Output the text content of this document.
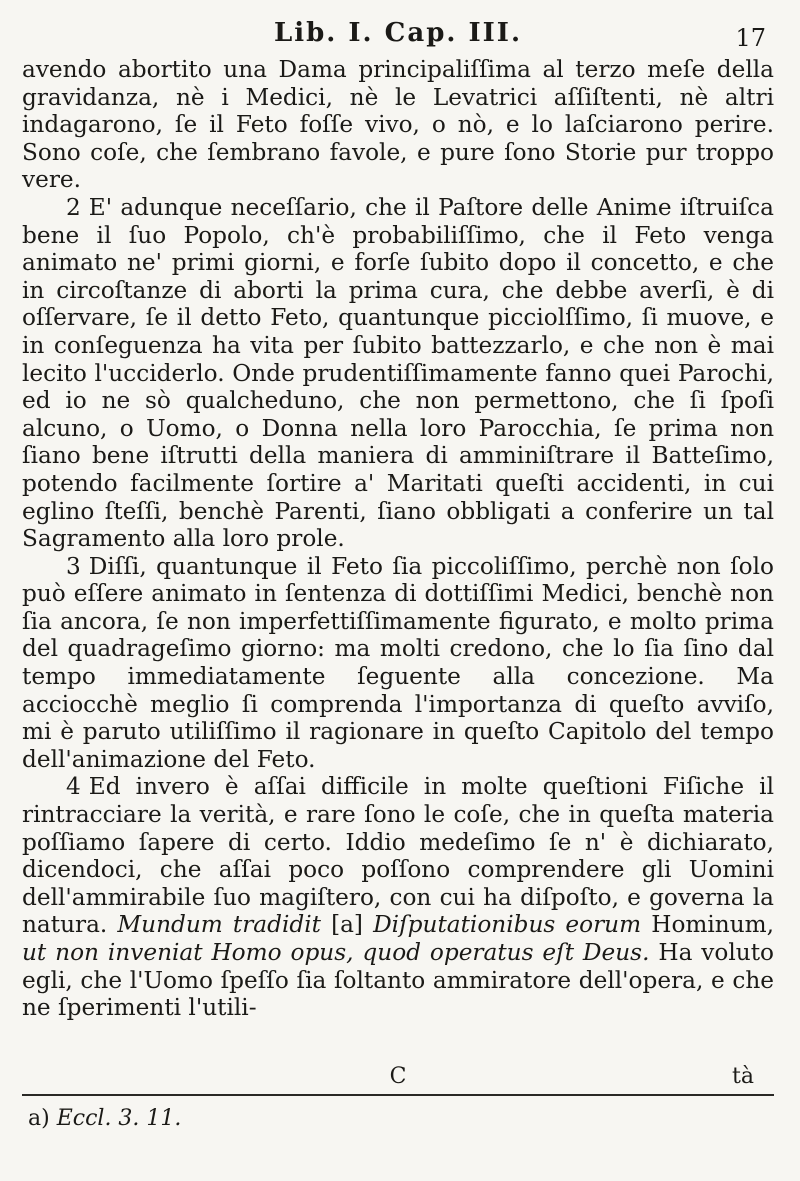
Lib. I. Cap. III.	17

avendo abortito una Dama principaliſſima al terzo meſe della gravidanza, nè i Medici, nè le Levatrici aſſiſtenti, nè altri indagarono, ſe il Feto foſſe vivo, o nò, e lo laſciarono perire. Sono coſe, che ſembrano favole, e pure ſono Storie pur troppo vere.

2 E' adunque neceſſario, che il Paſtore delle Anime iſtruiſca bene il ſuo Popolo, ch'è probabiliſſimo, che il Feto venga animato ne' primi giorni, e forſe ſubito dopo il concetto, e che in circoſtanze di aborti la prima cura, che debbe averſi, è di oſſervare, ſe il detto Feto, quantunque picciolſſimo, ſi muove, e in conſeguenza ha vita per ſubito battezzarlo, e che non è mai lecito l'ucciderlo. Onde prudentiſſimamente fanno quei Parochi, ed io ne sò qualcheduno, che non permettono, che ſi ſpoſi alcuno, o Uomo, o Donna nella loro Parocchia, ſe prima non ſiano bene iſtrutti della maniera di amminiſtrare il Batteſimo, potendo facilmente ſortire a' Maritati queſti accidenti, in cui eglino ſteſſi, benchè Parenti, ſiano obbligati a conferire un tal Sagramento alla loro prole.

3 Diſſi, quantunque il Feto ſia piccoliſſimo, perchè non ſolo può eſſere animato in ſentenza di dottiſſimi Medici, benchè non ſia ancora, ſe non imperfettiſſimamente figurato, e molto prima del quadrageſimo giorno: ma molti credono, che lo ſia ſino dal tempo immediatamente ſeguente alla concezione. Ma acciocchè meglio ſi comprenda l'importanza di queſto avviſo, mi è paruto utiliſſimo il ragionare in queſto Capitolo del tempo dell'animazione del Feto.

4 Ed invero è aſſai difficile in molte queſtioni Fiſiche il rintracciare la verità, e rare ſono le coſe, che in queſta materia poſſiamo ſapere di certo. Iddio medeſimo ſe n' è dichiarato, dicendoci, che aſſai poco poſſono comprendere gli Uomini dell'ammirabile ſuo magiſtero, con cui ha diſpoſto, e governa la natura. Mundum tradidit [a] Diſputationibus eorum Hominum, ut non inveniat Homo opus, quod operatus eſt Deus. Ha voluto egli, che l'Uomo ſpeſſo ſia ſoltanto ammiratore dell'opera, e che ne ſperimenti l'utili-

C	tà
a) Eccl. 3. 11.
